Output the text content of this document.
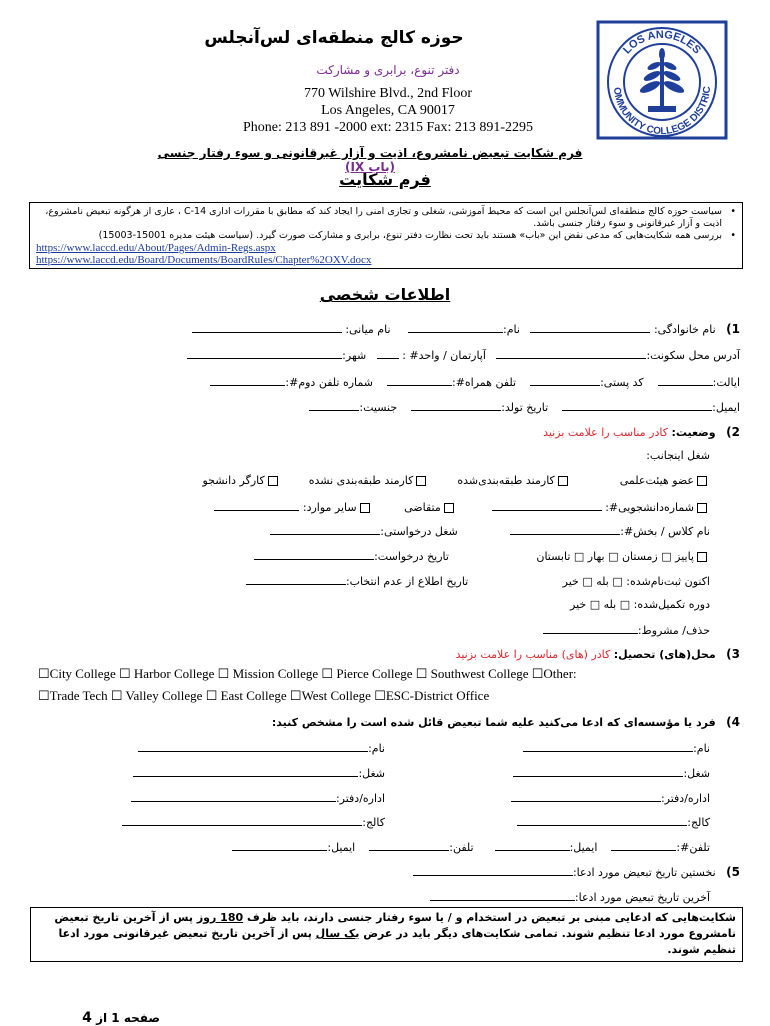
LOS ANGELES
OMMUNITY COLLEGE DISTRIC
حوزه کالج منطقه‌ای لس‌آنجلس
دفتر تنوع، برابری و مشارکت
770 Wilshire Blvd., 2nd Floor
Los Angeles, CA 90017
Phone: 213 891 -2000 ext: 2315 Fax: 213 891-2295
فرم شکایت تبعیض نامشروع، اذیت و آزار غیرقانونی و سوء رفتار جنسی (باب IX)
فرم شکایت
•
سیاست حوزه کالج منطقه‌ای لس‌آنجلس این است که محیط آموزشی، شغلی و تجاری امنی را ایجاد کند که مطابق با مقررات اداری C-14 ، عاری از هرگونه تبعیض نامشروع، اذیت و آزار غیرقانونی و سوء رفتار جنسی باشد.
•
بررسی همه شکایت‌هایی که مدعی نقض این «باب» هستند باید تحت نظارت دفتر تنوع، برابری و مشارکت صورت گیرد. (سیاست هیئت مدیره 15001-15003)
https://www.laccd.edu/About/Pages/Admin-Regs.aspx
https://www.laccd.edu/Board/Documents/BoardRules/Chapter%2OXV.docx
اطلاعات شخصی
1)   نام خانوادگی:    نام:     نام میانی:
آدرس محل سکونت:   آپارتمان / واحد# :    شهر:
ایالت:    کد پستی:    تلفن همراه#:    شماره تلفن دوم#:
ایمیل:    تاریخ تولد:    جنسیت:
2)   وضعیت: کادر مناسب را علامت بزنید
شغل اینجانب:
عضو هیئت‌علمی              کارمند طبقه‌بندی‌شده        کارمند طبقه‌بندی نشده        کارگر دانشجو
شماره‌دانشجویی#:           متقاضی         سایر موارد:
نام کلاس / بخش#:               شغل درخواستی:
پاییز □ زمستان □ بهار □ تابستان                         تاریخ درخواست:
اکنون ثبت‌نام‌شده: □ بله □ خیر                           تاریخ اطلاع از عدم انتخاب:
دوره تکمیل‌شده: □ بله □ خیر
حذف/ مشروط:
3)   محل(های) تحصیل: کادر (های) مناسب را علامت بزنید
☐City College ☐ Harbor College ☐ Mission College ☐ Pierce College ☐ Southwest College ☐Other:
☐Trade Tech ☐ Valley College ☐ East College ☐West College ☐ESC-District Office
4)   فرد یا مؤسسه‌ای که ادعا می‌کنید علیه شما تبعیض قائل شده است را مشخص کنید:
نام:
نام:
شغل:
شغل:
اداره/دفتر:
اداره/دفتر:
کالج:
کالج:
تلفن#:    ایمیل:      تلفن:    ایمیل:
5)   نخستین تاریخ تبعیض مورد ادعا:
آخرین تاریخ تبعیض مورد ادعا:
شکایت‌هایی که ادعایی مبنی بر تبعیض در استخدام و / یا سوء رفتار جنسی دارند، باید ظرف 180 روز پس از آخرین تاریخ تبعیض نامشروع مورد ادعا تنظیم شوند. تمامی شکایت‌های دیگر باید در عرض یک سال پس از آخرین تاریخ تبعیض غیرقانونی مورد ادعا تنظیم شوند.
صفحه 1 از 4
